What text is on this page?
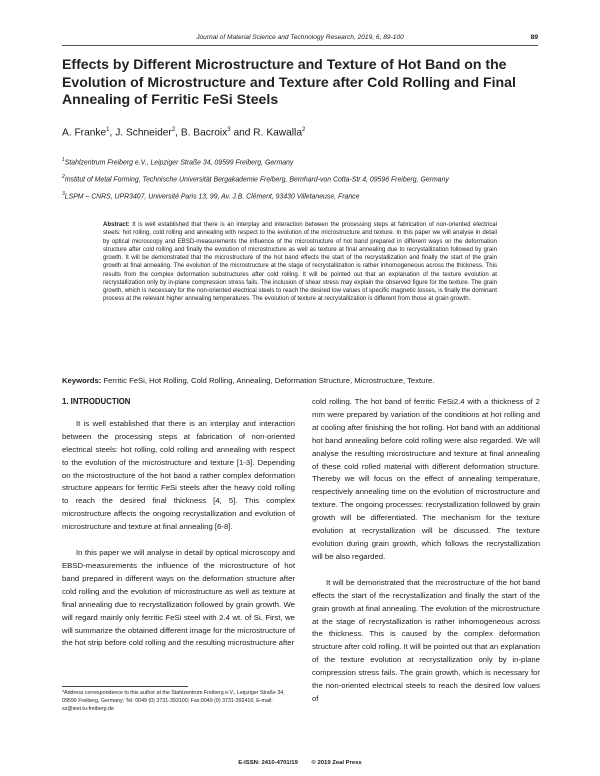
Journal of Material Science and Technology Research, 2019, 6, 89-100	89
Effects by Different Microstructure and Texture of Hot Band on the Evolution of Microstructure and Texture after Cold Rolling and Final Annealing of Ferritic FeSi Steels
A. Franke$^1$, J. Schneider$^2$, B. Bacroix$^3$ and R. Kawalla$^2$
$^1$Stahlzentrum Freiberg e.V., Leipziger Straße 34, 09599 Freiberg, Germany
$^2$Institut of Metal Forming, Technische Universität Bergakademie Freiberg, Bernhard-von Cotta-Str.4, 09596 Freiberg, Germany
$^3$LSPM – CNRS, UPR3407, Université Paris 13, 99, Av. J.B. Clément, 93430 Villetaneuse, France
Abstract: It is well established that there is an interplay and interaction between the processing steps at fabrication of non-oriented electrical steels: hot rolling, cold rolling and annealing with respect to the evolution of the microstructure and texture. In this paper we will analyse in detail by optical microscopy and EBSD-measurements the influence of the microstructure of hot band prepared in different ways on the deformation structure after cold rolling and finally the evolution of microstructure as well as texture at final annealing due to recrystallization followed by grain growth. It will be demonstrated that the microstructure of the hot band effects the start of the recrystallization and finally the start of the grain growth at final annealing. The evolution of the microstructure at the stage of recrystallization is rather inhomogeneous across the thickness. This results from the complex deformation substructures after cold rolling. It will be pointed out that an explanation of the texture evolution at recrystallization only by in-plane compression stress fails. The inclusion of shear stress may explain the observed figure for the texture. The grain growth, which is necessary for the non-oriented electrical steels to reach the desired low values of specific magnetic losses, is finally the dominant process at the relevant higher annealing temperatures. The evolution of texture at recrystallization is different from those at grain growth.
Keywords: Ferritic FeSi, Hot Rolling, Cold Rolling, Annealing, Deformation Structure, Microstructure, Texture.
1. INTRODUCTION

It is well established that there is an interplay and interaction between the processing steps at fabrication of non-oriented electrical steels: hot rolling, cold rolling and annealing with respect to the evolution of the microstructure and texture [1-3]. Depending on the microstructure of the hot band a rather complex deformation structure appears for ferritic FeSi steels after the heavy cold rolling to reach the desired final thickness [4, 5]. This complex microstructure affects the ongoing recrystallization and evolution of microstructure and texture at final annealing [6-8].

In this paper we will analyse in detail by optical microscopy and EBSD-measurements the influence of the microstructure of hot band prepared in different ways on the deformation structure after cold rolling and the evolution of microstructure as well as texture at final annealing due to recrystallization followed by grain growth. We will regard mainly only ferritic FeSi steel with 2.4 wt. of Si. First, we will summarize the obtained different image for the microstructure of the hot strip before cold rolling and the resulting microstructure after

cold rolling. The hot band of ferritic FeSi2.4 with a thickness of 2 mm were prepared by variation of the conditions at hot rolling and at cooling after finishing the hot rolling. Hot band with an additional hot band annealing before cold rolling were also regarded. We will analyse the resulting microstructure and texture at final annealing of these cold rolled material with different deformation structure. Thereby we will focus on the effect of annealing temperature, respectively annealing time on the evolution of microstructure and texture. The ongoing processes: recrystallization followed by grain growth will be differentiated. The mechanism for the texture evolution at recrystallization will be discussed. The texture evolution during grain growth, which follows the recrystallization will be also regarded.

It will be demonstrated that the microstructure of the hot band effects the start of the recrystallization and finally the start of the grain growth at final annealing. The evolution of the microstructure at the stage of recrystallization is rather inhomogeneous across the thickness. This is caused by the complex deformation structure after cold rolling. It will be pointed out that an explanation of the texture evolution at recrystallization only by in-plane compression stress fails. The grain growth, which is necessary for the non-oriented electrical steels to reach the desired low values of

*Address correspondence to this author at the Stahlzentrum Freiberg e.V., Leipziger Straße 34, 09599 Freiberg, Germany; Tel: 0049 (0) 3731-393100; Fax:0049 (0) 3731-392416; E-mail: sz@iest.tu-freiberg.de
E-ISSN: 2410-4701/19 © 2019 Zeal Press
